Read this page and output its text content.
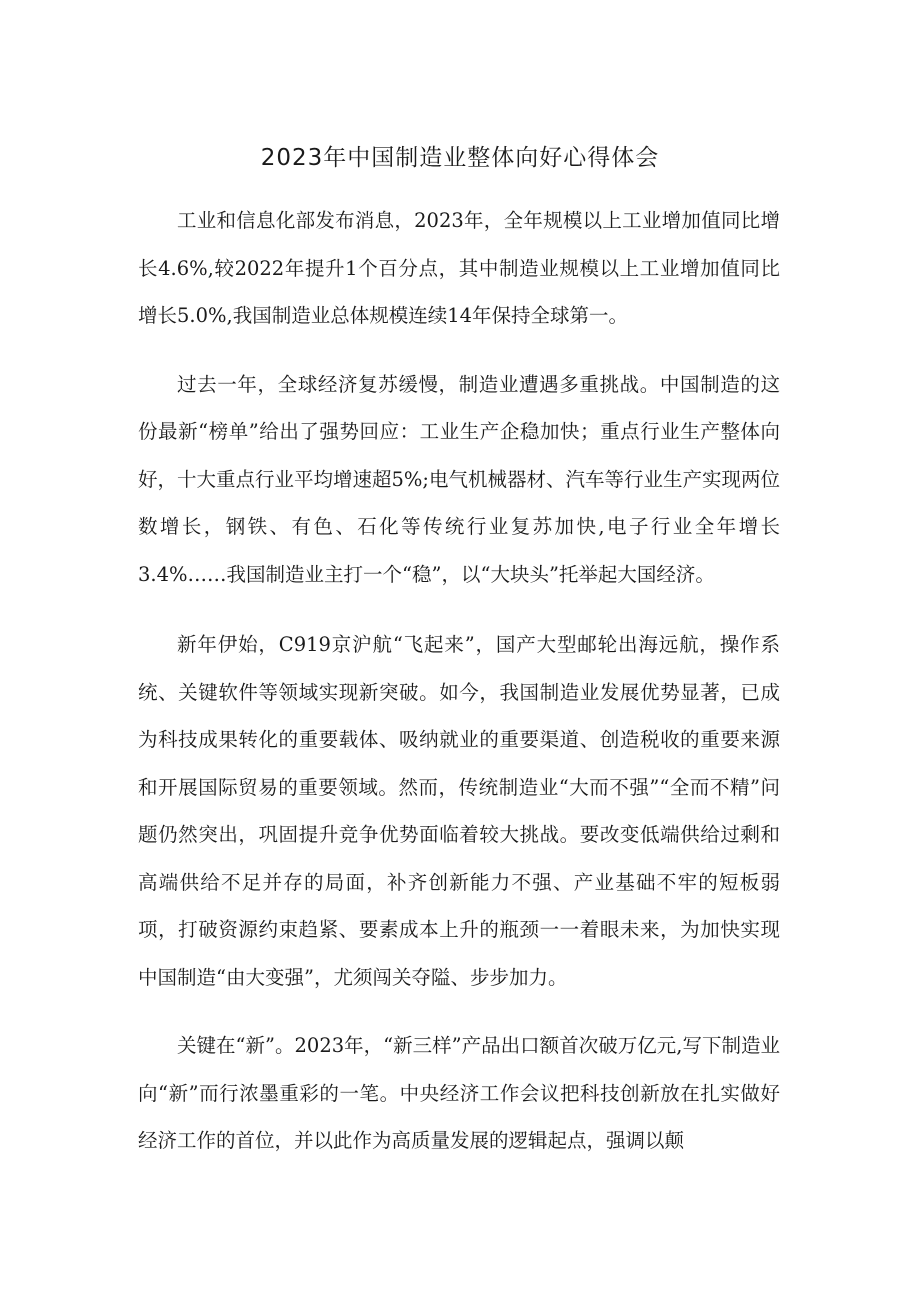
2023年中国制造业整体向好心得体会

工业和信息化部发布消息，2023年，全年规模以上工业增加值同比增长4.6%,较2022年提升1个百分点，其中制造业规模以上工业增加值同比增长5.0%,我国制造业总体规模连续14年保持全球第一。

过去一年，全球经济复苏缓慢，制造业遭遇多重挑战。中国制造的这份最新“榜单”给出了强势回应：工业生产企稳加快；重点行业生产整体向好，十大重点行业平均增速超5%;电气机械器材、汽车等行业生产实现两位数增长，钢铁、有色、石化等传统行业复苏加快,电子行业全年增长3.4%……我国制造业主打一个“稳”，以“大块头”托举起大国经济。

新年伊始，C919京沪航“飞起来”，国产大型邮轮出海远航，操作系统、关键软件等领域实现新突破。如今，我国制造业发展优势显著，已成为科技成果转化的重要载体、吸纳就业的重要渠道、创造税收的重要来源和开展国际贸易的重要领域。然而，传统制造业“大而不强”“全而不精”问题仍然突出，巩固提升竞争优势面临着较大挑战。要改变低端供给过剩和高端供给不足并存的局面，补齐创新能力不强、产业基础不牢的短板弱项，打破资源约束趋紧、要素成本上升的瓶颈一一着眼未来，为加快实现中国制造“由大变强”，尤须闯关夺隘、步步加力。

关键在“新”。2023年，“新三样”产品出口额首次破万亿元,写下制造业向“新”而行浓墨重彩的一笔。中央经济工作会议把科技创新放在扎实做好经济工作的首位，并以此作为高质量发展的逻辑起点，强调以颠
